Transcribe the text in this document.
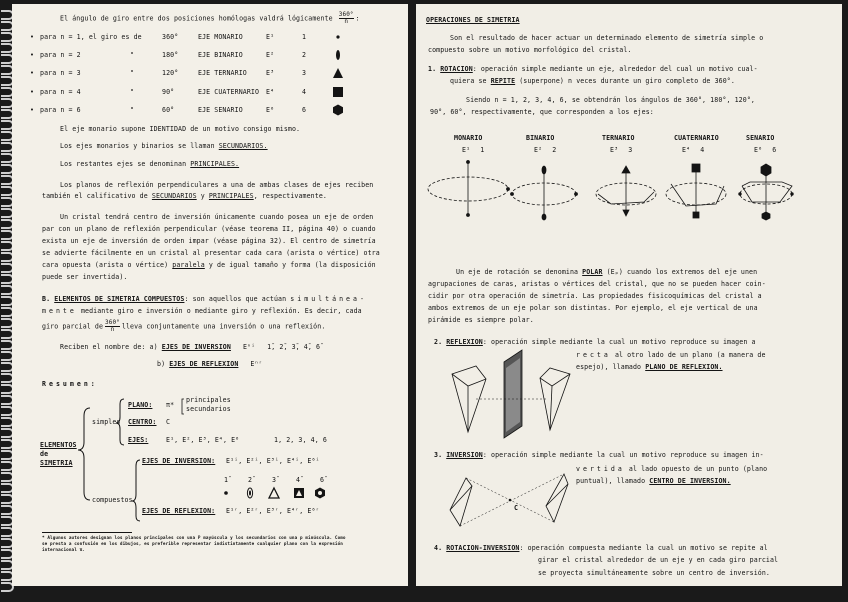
El ángulo de giro entre dos posiciones homólogas valdrá lógicamente $\frac{360^\circ}{n}$ :
El eje monario supone IDENTIDAD de un motivo consigo mismo.
Los ejes monarios y binarios se llaman SECUNDARIOS.
Los restantes ejes se denominan PRINCIPALES.
Los planos de reflexión perpendiculares a una de ambas clases de ejes reciben
también el calificativo de SECUNDARIOS y PRINCIPALES, respectivamente.
Un cristal tendrá centro de inversión únicamente cuando posea un eje de orden
par con un plano de reflexión perpendicular (véase teorema II, página 40) o cuando
exista un eje de inversión de orden impar (véase página 32). El centro de simetría
se advierte fácilmente en un cristal al presentar cada cara (arista o vértice) otra
cara opuesta (arista o vértice) paralela y de igual tamaño y forma (la disposición
puede ser invertida).
B. ELEMENTOS DE SIMETRIA COMPUESTOS: son aquellos que actúan simultánea-
mente mediante giro e inversión o mediante giro y reflexión. Es decir, cada
giro parcial de $\frac{360^\circ}{n}$ lleva conjuntamente una inversión o una reflexión.
Reciben el nombre de: a) EJES DE INVERSION Eⁿⁱ 1̄, 2̄, 3̄, 4̄, 6̄
b) EJES DE REFLEXION Eⁿʳ
Resumen:
ELEMENTOS
de
SIMETRIA
simples
PLANO: π*
principales
secundarios
CENTRO: C
EJES:	E¹, E², E³, E⁴, E⁶	1, 2, 3, 4, 6
compuestos
EJES DE INVERSION: E¹ⁱ, E²ⁱ, E³ⁱ, E⁴ⁱ, E⁶ⁱ
EJES DE REFLEXION: E¹ʳ, E²ʳ, E³ʳ, E⁴ʳ, E⁶ʳ
* Algunos autores designan los planos principales con una P mayúscula y los secundarios con una p minúscula. Como
se presta a confusión en los dibujos, es preferible representar indistintamente cualquier plano con la expresión
internacional π.
• para n = 1, el giro es de	360°	EJE MONARIO	E¹	1
• para n = 2	"	180°	EJE BINARIO	E²	2
• para n = 3	"	120°	EJE TERNARIO	E³	3
• para n = 4	"	90°	EJE CUATERNARIO E⁴	4
• para n = 6	"	60°	EJE SENARIO	E⁶	6
1̄	2̄	3̄	4̄	6̄
OPERACIONES DE SIMETRIA
Son el resultado de hacer actuar un determinado elemento de simetría simple o
compuesto sobre un motivo morfológico del cristal.
1. ROTACION: operación simple mediante un eje, alrededor del cual un motivo cual-
quiera se REPITE (superpone) n veces durante un giro completo de 360°.
Siendo n = 1, 2, 3, 4, 6, se obtendrán los ángulos de 360°, 180°, 120°,
90°, 60°, respectivamente, que corresponden a los ejes:
Un eje de rotación se denomina POLAR (Eₚ) cuando los extremos del eje unen
agrupaciones de caras, aristas o vértices del cristal, que no se pueden hacer coin-
cidir por otra operación de simetría. Las propiedades fisicoquímicas del cristal a
ambos extremos de un eje polar son distintas. Por ejemplo, el eje vertical de una
pirámide es siempre polar.
2. REFLEXION: operación simple mediante la cual un motivo reproduce su imagen a
recta al otro lado de un plano (a manera de
espejo), llamado PLANO DE REFLEXION.
3. INVERSION: operación simple mediante la cual un motivo reproduce su imagen in-
vertida al lado opuesto de un punto (plano
puntual), llamado CENTRO DE INVERSION.
C
4. ROTACION-INVERSION: operación compuesta mediante la cual un motivo se repite al
girar el cristal alrededor de un eje y en cada giro parcial
se proyecta simultáneamente sobre un centro de inversión.
MONARIO
E¹ 1
BINARIO
E² 2
TERNARIO
E³ 3
CUATERNARIO
E⁴ 4
SENARIO
E⁶ 6
